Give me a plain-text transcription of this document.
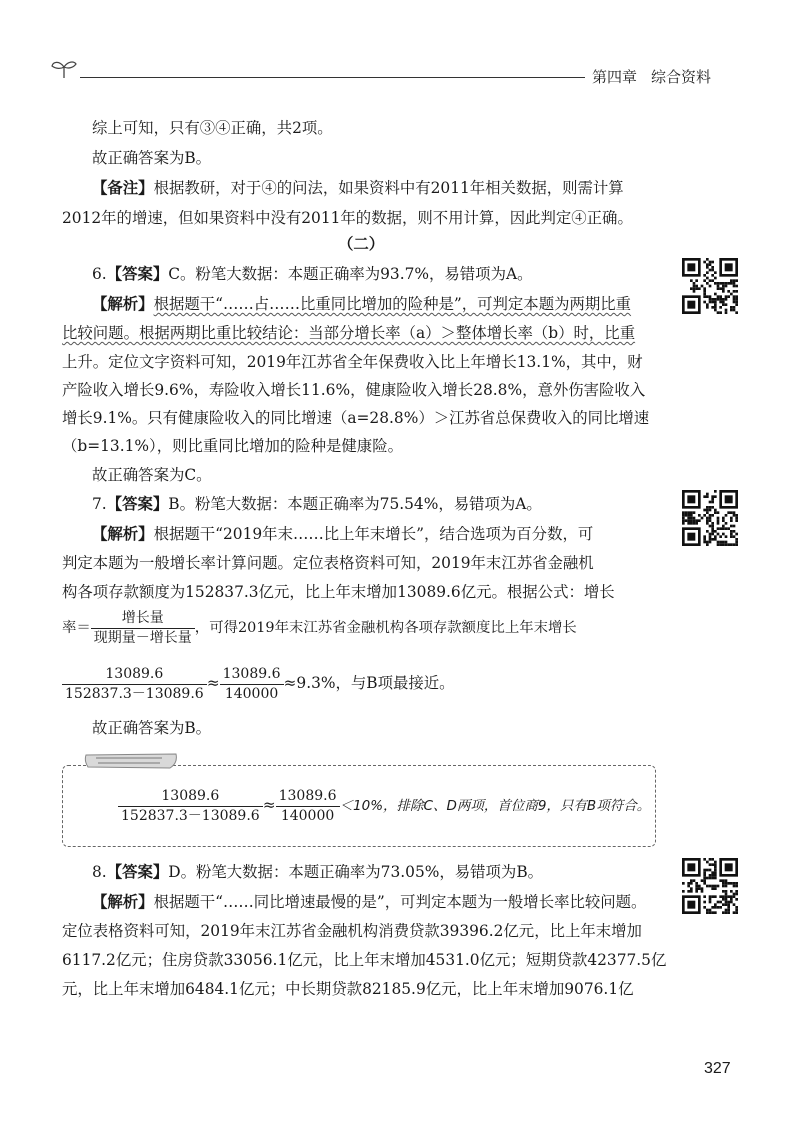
第四章 综合资料
综上可知，只有③④正确，共2项。
故正确答案为B。
【备注】根据教研，对于④的问法，如果资料中有2011年相关数据，则需计算
2012年的增速，但如果资料中没有2011年的数据，则不用计算，因此判定④正确。
（二）
6.【答案】C。粉笔大数据：本题正确率为93.7%，易错项为A。
【解析】根据题干“……占……比重同比增加的险种是”，可判定本题为两期比重
比较问题。根据两期比重比较结论：当部分增长率（a）＞整体增长率（b）时，比重
上升。定位文字资料可知，2019年江苏省全年保费收入比上年增长13.1%，其中，财
产险收入增长9.6%，寿险收入增长11.6%，健康险收入增长28.8%，意外伤害险收入
增长9.1%。只有健康险收入的同比增速（a=28.8%）＞江苏省总保费收入的同比增速
（b=13.1%），则比重同比增加的险种是健康险。
故正确答案为C。
7.【答案】B。粉笔大数据：本题正确率为75.54%，易错项为A。
【解析】根据题干“2019年末……比上年末增长”，结合选项为百分数，可
判定本题为一般增长率计算问题。定位表格资料可知，2019年末江苏省金融机
构各项存款额度为152837.3亿元，比上年末增加13089.6亿元。根据公式：增长
率＝ $\frac{\text{增长量}}{\text{现期量－增长量}}$ ，可得2019年末江苏省金融机构各项存款额度比上年末增长
$\frac{13089.6}{152837.3-13089.6} \approx \frac{13089.6}{140000} \approx 9.3\%$，与B项最接近。
故正确答案为B。
$\frac{13089.6}{152837.3-13089.6} \approx \frac{13089.6}{140000} <10\%$，排除C、D两项，首位商9，只有B项符合。
8.【答案】D。粉笔大数据：本题正确率为73.05%，易错项为B。
【解析】根据题干“……同比增速最慢的是”，可判定本题为一般增长率比较问题。
定位表格资料可知，2019年末江苏省金融机构消费贷款39396.2亿元，比上年末增加
6117.2亿元；住房贷款33056.1亿元，比上年末增加4531.0亿元；短期贷款42377.5亿
元，比上年末增加6484.1亿元；中长期贷款82185.9亿元，比上年末增加9076.1亿
327
